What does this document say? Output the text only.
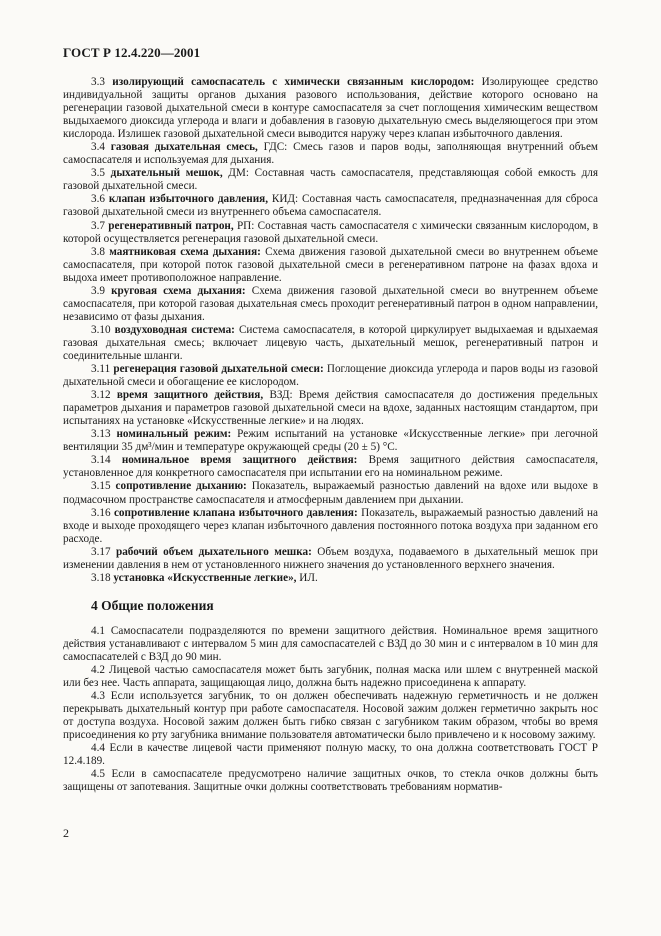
ГОСТ Р 12.4.220—2001

3.3 изолирующий самоспасатель с химически связанным кислородом: Изолирующее средство индивидуальной защиты органов дыхания разового использования, действие которого основано на регенерации газовой дыхательной смеси в контуре самоспасателя за счет поглощения химическим веществом выдыхаемого диоксида углерода и влаги и добавления в газовую дыхательную смесь выделяющегося при этом кислорода. Излишек газовой дыхательной смеси выводится наружу через клапан избыточного давления.

3.4 газовая дыхательная смесь, ГДС: Смесь газов и паров воды, заполняющая внутренний объем самоспасателя и используемая для дыхания.

3.5 дыхательный мешок, ДМ: Составная часть самоспасателя, представляющая собой емкость для газовой дыхательной смеси.

3.6 клапан избыточного давления, КИД: Составная часть самоспасателя, предназначенная для сброса газовой дыхательной смеси из внутреннего объема самоспасателя.

3.7 регенеративный патрон, РП: Составная часть самоспасателя с химически связанным кислородом, в которой осуществляется регенерация газовой дыхательной смеси.

3.8 маятниковая схема дыхания: Схема движения газовой дыхательной смеси во внутреннем объеме самоспасателя, при которой поток газовой дыхательной смеси в регенеративном патроне на фазах вдоха и выдоха имеет противоположное направление.

3.9 круговая схема дыхания: Схема движения газовой дыхательной смеси во внутреннем объеме самоспасателя, при которой газовая дыхательная смесь проходит регенеративный патрон в одном направлении, независимо от фазы дыхания.

3.10 воздуховодная система: Система самоспасателя, в которой циркулирует выдыхаемая и вдыхаемая газовая дыхательная смесь; включает лицевую часть, дыхательный мешок, регенеративный патрон и соединительные шланги.

3.11 регенерация газовой дыхательной смеси: Поглощение диоксида углерода и паров воды из газовой дыхательной смеси и обогащение ее кислородом.

3.12 время защитного действия, ВЗД: Время действия самоспасателя до достижения предельных параметров дыхания и параметров газовой дыхательной смеси на вдохе, заданных настоящим стандартом, при испытаниях на установке «Искусственные легкие» и на людях.

3.13 номинальный режим: Режим испытаний на установке «Искусственные легкие» при легочной вентиляции 35 дм³/мин и температуре окружающей среды (20 ± 5) °С.

3.14 номинальное время защитного действия: Время защитного действия самоспасателя, установленное для конкретного самоспасателя при испытании его на номинальном режиме.

3.15 сопротивление дыханию: Показатель, выражаемый разностью давлений на вдохе или выдохе в подмасочном пространстве самоспасателя и атмосферным давлением при дыхании.

3.16 сопротивление клапана избыточного давления: Показатель, выражаемый разностью давлений на входе и выходе проходящего через клапан избыточного давления постоянного потока воздуха при заданном его расходе.

3.17 рабочий объем дыхательного мешка: Объем воздуха, подаваемого в дыхательный мешок при изменении давления в нем от установленного нижнего значения до установленного верхнего значения.

3.18 установка «Искусственные легкие», ИЛ.

4 Общие положения

4.1 Самоспасатели подразделяются по времени защитного действия. Номинальное время защитного действия устанавливают с интервалом 5 мин для самоспасателей с ВЗД до 30 мин и с интервалом в 10 мин для самоспасателей с ВЗД до 90 мин.

4.2 Лицевой частью самоспасателя может быть загубник, полная маска или шлем с внутренней маской или без нее. Часть аппарата, защищающая лицо, должна быть надежно присоединена к аппарату.

4.3 Если используется загубник, то он должен обеспечивать надежную герметичность и не должен перекрывать дыхательный контур при работе самоспасателя. Носовой зажим должен герметично закрыть нос от доступа воздуха. Носовой зажим должен быть гибко связан с загубником таким образом, чтобы во время присоединения ко рту загубника внимание пользователя автоматически было привлечено и к носовому зажиму.

4.4 Если в качестве лицевой части применяют полную маску, то она должна соответствовать ГОСТ Р 12.4.189.

4.5 Если в самоспасателе предусмотрено наличие защитных очков, то стекла очков должны быть защищены от запотевания. Защитные очки должны соответствовать требованиям норматив-

2
